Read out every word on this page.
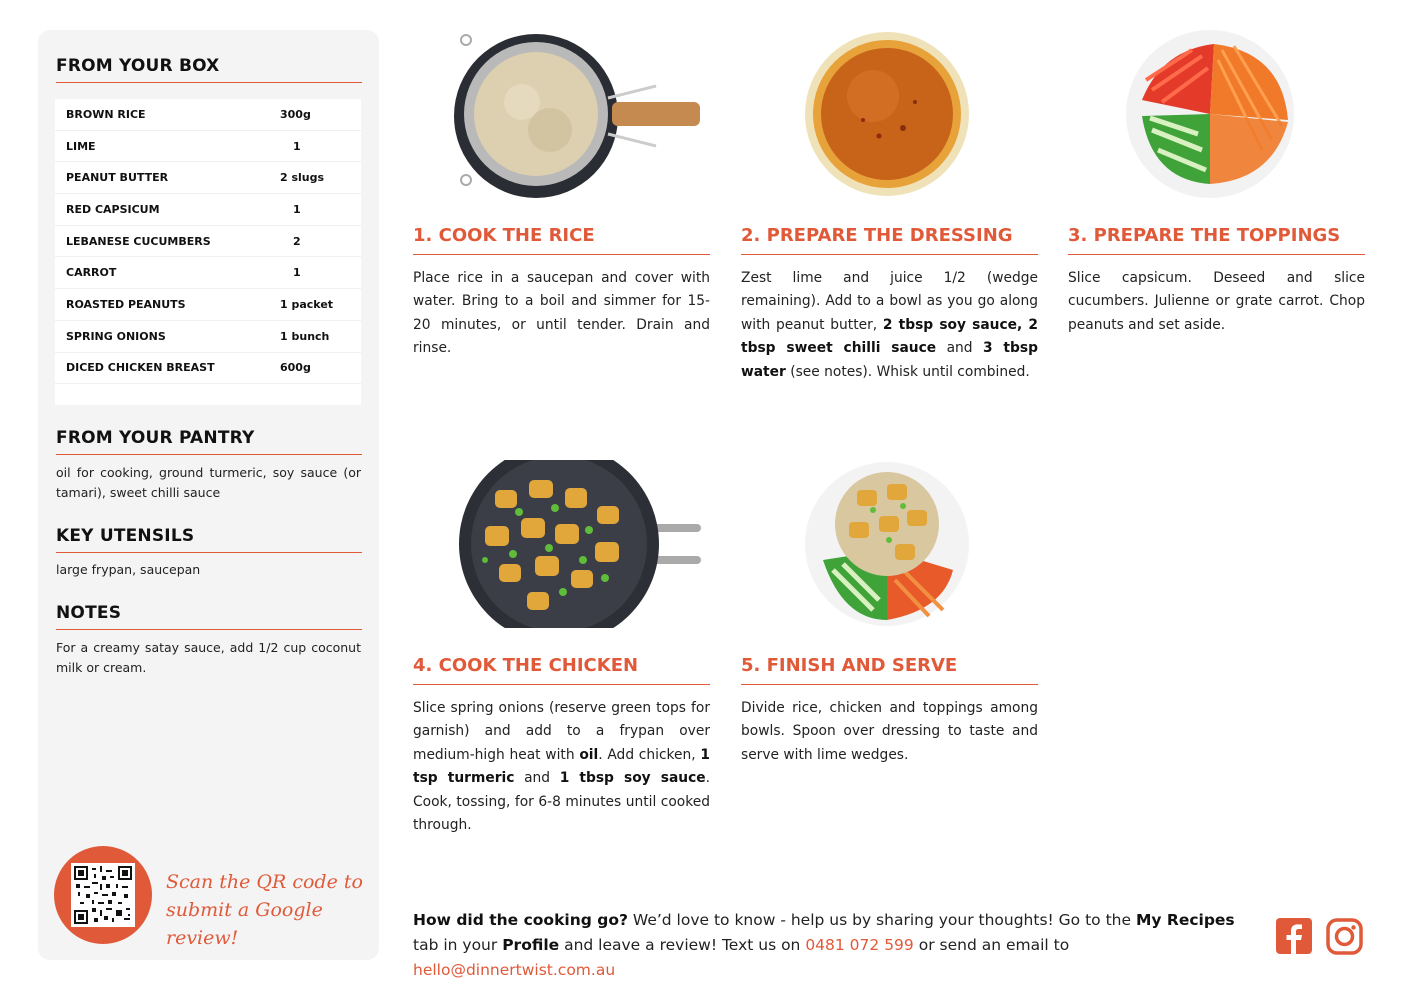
FROM YOUR BOX
BROWN RICE	300g
LIME	1
PEANUT BUTTER	2 slugs
RED CAPSICUM	1
LEBANESE CUCUMBERS	2
CARROT	1
ROASTED PEANUTS	1 packet
SPRING ONIONS	1 bunch
DICED CHICKEN BREAST	600g
FROM YOUR PANTRY
oil for cooking, ground turmeric, soy sauce (or tamari), sweet chilli sauce
KEY UTENSILS
large frypan, saucepan
NOTES
For a creamy satay sauce, add 1/2 cup coconut milk or cream.
Scan the QR code to
submit a Google review!
1. COOK THE RICE
Place rice in a saucepan and cover with water. Bring to a boil and simmer for 15-20 minutes, or until tender. Drain and rinse.
2. PREPARE THE DRESSING
Zest lime and juice 1/2 (wedge remaining). Add to a bowl as you go along with peanut butter, 2 tbsp soy sauce, 2 tbsp sweet chilli sauce and 3 tbsp water (see notes). Whisk until combined.
3. PREPARE THE TOPPINGS
Slice capsicum. Deseed and slice cucumbers. Julienne or grate carrot. Chop peanuts and set aside.
4. COOK THE CHICKEN
Slice spring onions (reserve green tops for garnish) and add to a frypan over medium-high heat with oil. Add chicken, 1 tsp turmeric and 1 tbsp soy sauce. Cook, tossing, for 6-8 minutes until cooked through.
5. FINISH AND SERVE
Divide rice, chicken and toppings among bowls. Spoon over dressing to taste and serve with lime wedges.
How did the cooking go? We’d love to know - help us by sharing your thoughts! Go to the My Recipes tab in your Profile and leave a review! Text us on 0481 072 599 or send an email to hello@dinnertwist.com.au
